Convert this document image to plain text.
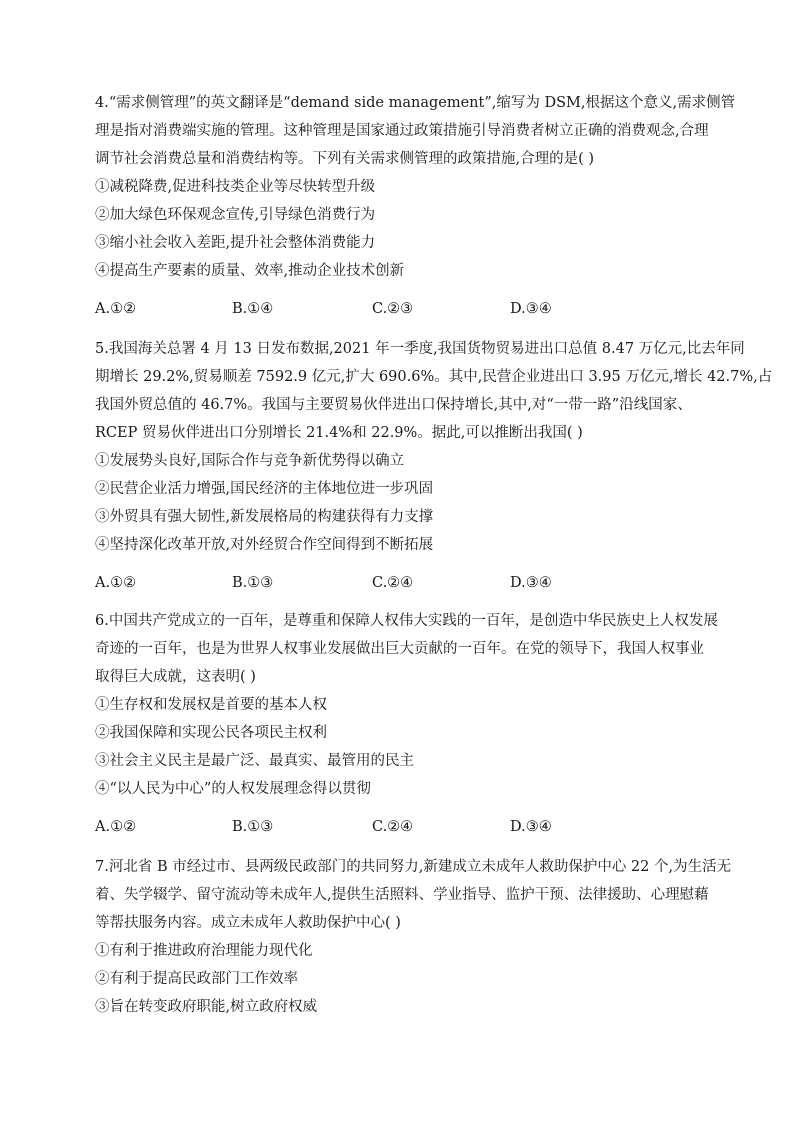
4.“需求侧管理”的英文翻译是“demand side management”,缩写为 DSM,根据这个意义,需求侧管

理是指对消费端实施的管理。这种管理是国家通过政策措施引导消费者树立正确的消费观念,合理

调节社会消费总量和消费结构等。下列有关需求侧管理的政策措施,合理的是( )

①减税降费,促进科技类企业等尽快转型升级

②加大绿色环保观念宣传,引导绿色消费行为

③缩小社会收入差距,提升社会整体消费能力

④提高生产要素的质量、效率,推动企业技术创新

A.①②	B.①④	C.②③	D.③④

5.我国海关总署 4 月 13 日发布数据,2021 年一季度,我国货物贸易进出口总值 8.47 万亿元,比去年同

期增长 29.2%,贸易顺差 7592.9 亿元,扩大 690.6%。其中,民营企业进出口 3.95 万亿元,增长 42.7%,占

我国外贸总值的 46.7%。我国与主要贸易伙伴进出口保持增长,其中,对“一带一路”沿线国家、

RCEP 贸易伙伴进出口分别增长 21.4%和 22.9%。据此,可以推断出我国( )

①发展势头良好,国际合作与竞争新优势得以确立

②民营企业活力增强,国民经济的主体地位进一步巩固

③外贸具有强大韧性,新发展格局的构建获得有力支撑

④坚持深化改革开放,对外经贸合作空间得到不断拓展

A.①②	B.①③	C.②④	D.③④

6.中国共产党成立的一百年，是尊重和保障人权伟大实践的一百年，是创造中华民族史上人权发展

奇迹的一百年，也是为世界人权事业发展做出巨大贡献的一百年。在党的领导下，我国人权事业

取得巨大成就，这表明( )

①生存权和发展权是首要的基本人权

②我国保障和实现公民各项民主权利

③社会主义民主是最广泛、最真实、最管用的民主

④“以人民为中心”的人权发展理念得以贯彻

A.①②	B.①③	C.②④	D.③④

7.河北省 B 市经过市、县两级民政部门的共同努力,新建成立未成年人救助保护中心 22 个,为生活无

着、失学辍学、留守流动等未成年人,提供生活照料、学业指导、监护干预、法律援助、心理慰藉

等帮扶服务内容。成立未成年人救助保护中心( )

①有利于推进政府治理能力现代化

②有利于提高民政部门工作效率

③旨在转变政府职能,树立政府权威
